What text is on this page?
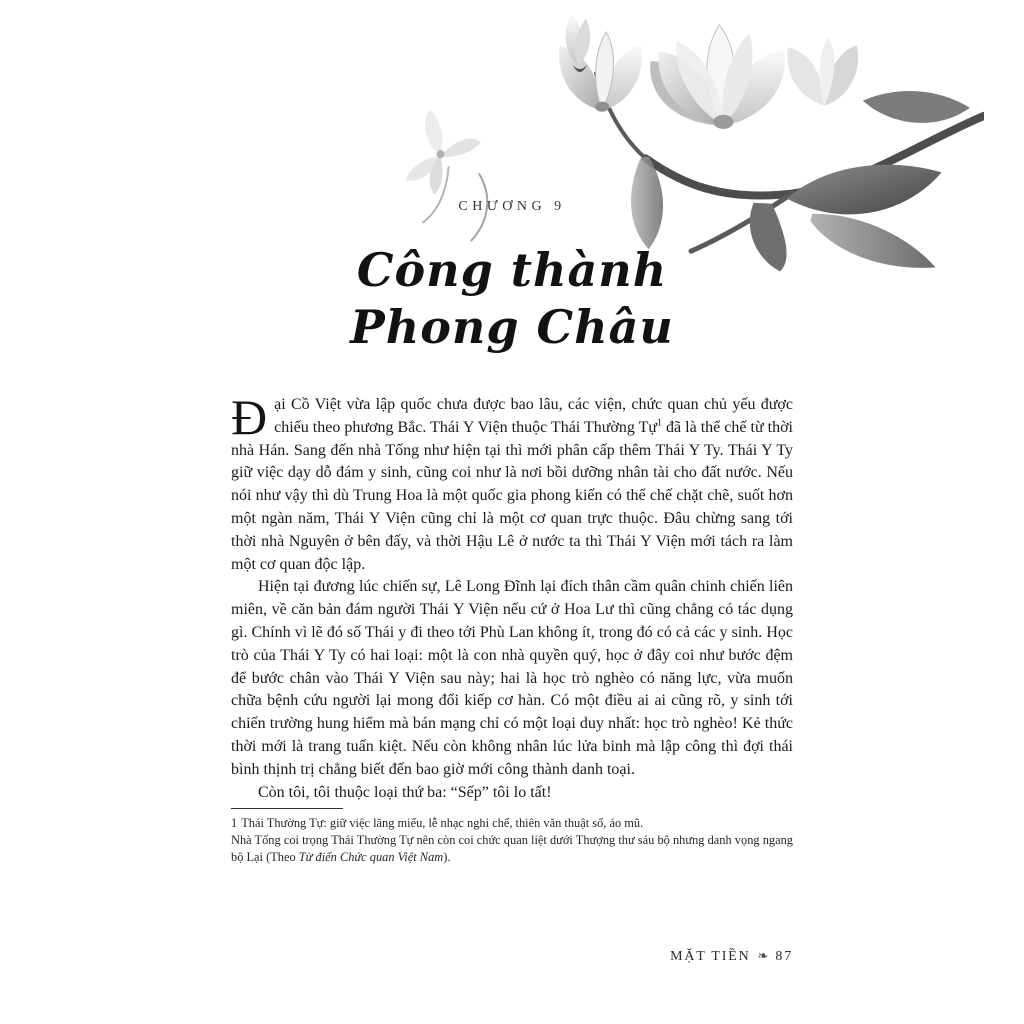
CHƯƠNG 9
Công thành
Phong Châu

Đại Cồ Việt vừa lập quốc chưa được bao lâu, các viện, chức quan chủ yếu được chiếu theo phương Bắc. Thái Y Viện thuộc Thái Thường Tự$^1$ đã là thể chế từ thời nhà Hán. Sang đến nhà Tống như hiện tại thì mới phân cấp thêm Thái Y Ty. Thái Y Ty giữ việc dạy dỗ đám y sinh, cũng coi như là nơi bồi dưỡng nhân tài cho đất nước. Nếu nói như vậy thì dù Trung Hoa là một quốc gia phong kiến có thể chế chặt chẽ, suốt hơn một ngàn năm, Thái Y Viện cũng chỉ là một cơ quan trực thuộc. Đâu chừng sang tới thời nhà Nguyên ở bên đấy, và thời Hậu Lê ở nước ta thì Thái Y Viện mới tách ra làm một cơ quan độc lập.

Hiện tại đương lúc chiến sự, Lê Long Đĩnh lại đích thân cầm quân chinh chiến liên miên, về căn bản đám người Thái Y Viện nếu cứ ở Hoa Lư thì cũng chẳng có tác dụng gì. Chính vì lẽ đó số Thái y đi theo tới Phù Lan không ít, trong đó có cả các y sinh. Học trò của Thái Y Ty có hai loại: một là con nhà quyền quý, học ở đây coi như bước đệm để bước chân vào Thái Y Viện sau này; hai là học trò nghèo có năng lực, vừa muốn chữa bệnh cứu người lại mong đổi kiếp cơ hàn. Có một điều ai ai cũng rõ, y sinh tới chiến trường hung hiểm mà bán mạng chỉ có một loại duy nhất: học trò nghèo! Kẻ thức thời mới là trang tuấn kiệt. Nếu còn không nhân lúc lửa binh mà lập công thì đợi thái bình thịnh trị chẳng biết đến bao giờ mới công thành danh toại.

Còn tôi, tôi thuộc loại thứ ba: “Sếp” tôi lo tất!

1 Thái Thường Tự: giữ việc lăng miếu, lễ nhạc nghi chế, thiên văn thuật số, áo mũ.

Nhà Tống coi trọng Thái Thường Tự nên còn coi chức quan liệt dưới Thượng thư sáu bộ nhưng danh vọng ngang bộ Lại (Theo Từ điển Chức quan Việt Nam).

MẶT TIỀN ❧ 87
